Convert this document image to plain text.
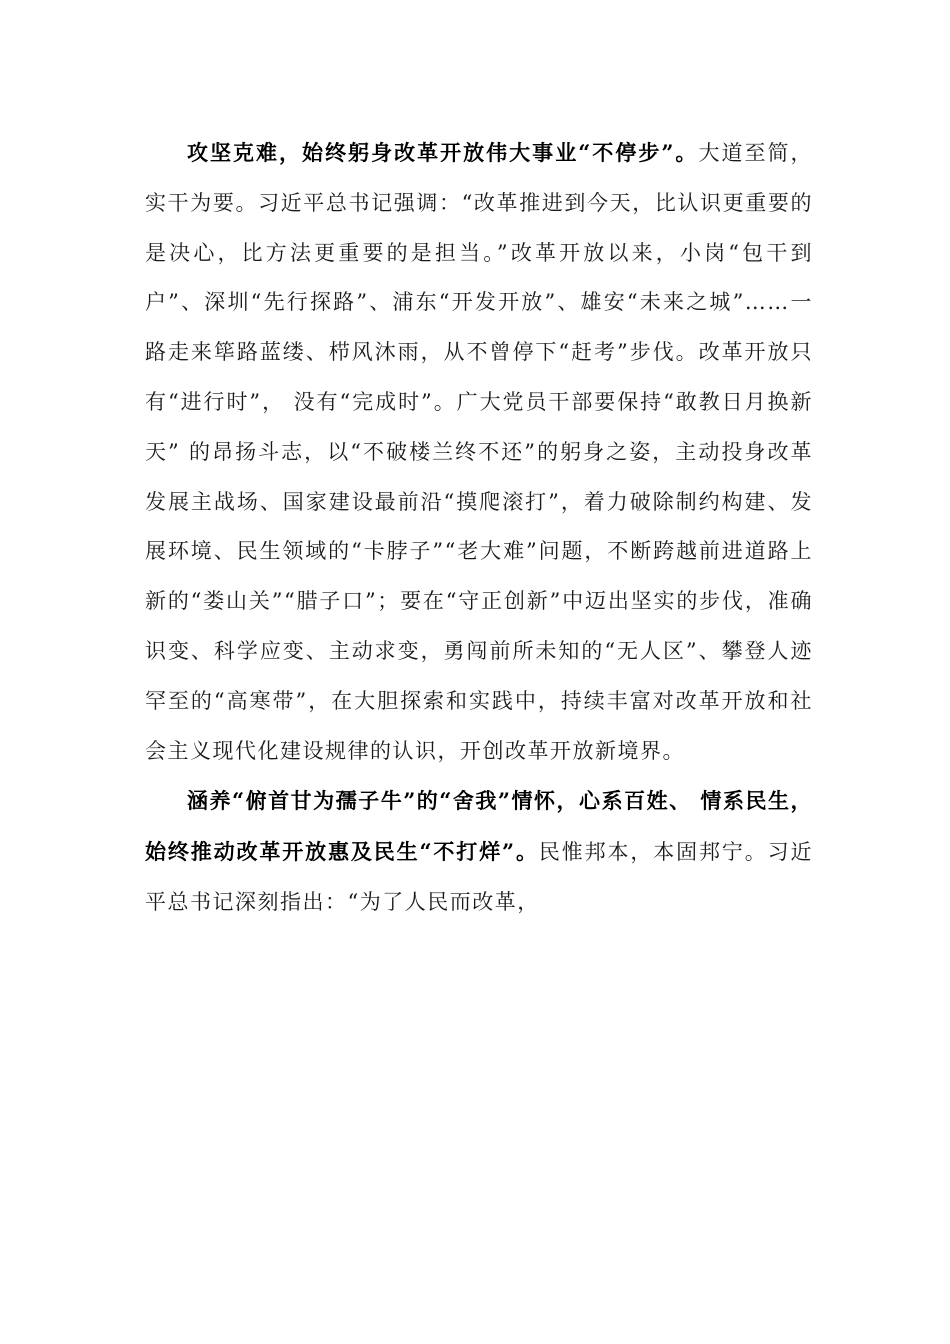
攻坚克难，始终躬身改革开放伟大事业“不停步”。大道至简，实干为要。习近平总书记强调：“改革推进到今天，比认识更重要的是决心，比方法更重要的是担当。”改革开放以来，小岗“包干到户”、深圳“先行探路”、浦东“开发开放”、雄安“未来之城”……一路走来筚路蓝缕、栉风沐雨，从不曾停下“赶考”步伐。改革开放只有“进行时”， 没有“完成时”。广大党员干部要保持“敢教日月换新天” 的昂扬斗志，以“不破楼兰终不还”的躬身之姿，主动投身改革发展主战场、国家建设最前沿“摸爬滚打”，着力破除制约构建、发展环境、民生领域的“卡脖子”“老大难”问题，不断跨越前进道路上新的“娄山关”“腊子口”；要在“守正创新”中迈出坚实的步伐，准确识变、科学应变、主动求变，勇闯前所未知的“无人区”、攀登人迹罕至的“高寒带”，在大胆探索和实践中，持续丰富对改革开放和社会主义现代化建设规律的认识，开创改革开放新境界。

涵养“俯首甘为孺子牛”的“舍我”情怀，心系百姓、 情系民生，始终推动改革开放惠及民生“不打烊”。民惟邦本，本固邦宁。习近平总书记深刻指出：“为了人民而改革，
